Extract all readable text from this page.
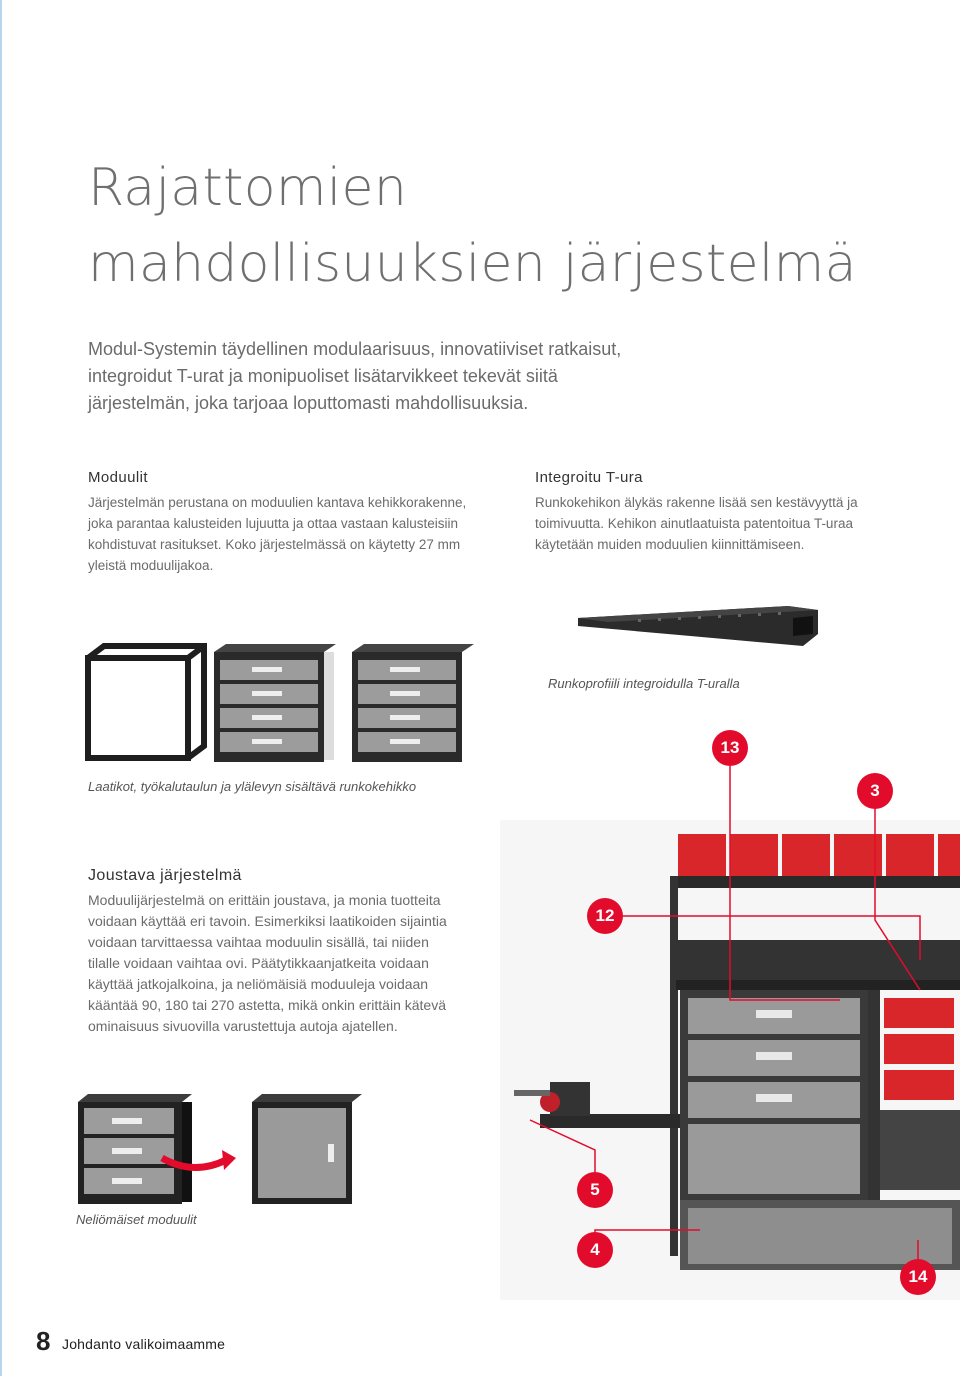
Rajattomien
mahdollisuuksien järjestelmä
Modul-Systemin täydellinen modulaarisuus, innovatiiviset ratkaisut, integroidut T-urat ja monipuoliset lisätarvikkeet tekevät siitä järjestelmän, joka tarjoaa loputtomasti mahdollisuuksia.
Moduulit
Järjestelmän perustana on moduulien kantava kehikkorakenne, joka parantaa kalusteiden lujuutta ja ottaa vastaan kalusteisiin kohdistuvat rasitukset. Koko järjestelmässä on käytetty 27 mm yleistä moduulijakoa.
Integroitu T-ura
Runkokehikon älykäs rakenne lisää sen kestävyyttä ja toimivuutta. Kehikon ainutlaatuista patentoitua T-uraa käytetään muiden moduulien kiinnittämiseen.
Runkoprofiili integroidulla T-uralla
Laatikot, työkalutaulun ja ylälevyn sisältävä runkokehikko
Joustava järjestelmä
Moduulijärjestelmä on erittäin joustava, ja monia tuotteita voidaan käyttää eri tavoin. Esimerkiksi laatikoiden sijaintia voidaan tarvittaessa vaihtaa moduulin sisällä, tai niiden tilalle voidaan vaihtaa ovi. Päätytikkaanjatkeita voidaan käyttää jatkojalkoina, ja neliömäisiä moduuleja voidaan kääntää 90, 180 tai 270 astetta, mikä onkin erittäin kätevä ominaisuus sivuovilla varustettuja autoja ajatellen.
Neliömäiset moduulit
13
3
12
5
4
14
8 Johdanto valikoimaamme
